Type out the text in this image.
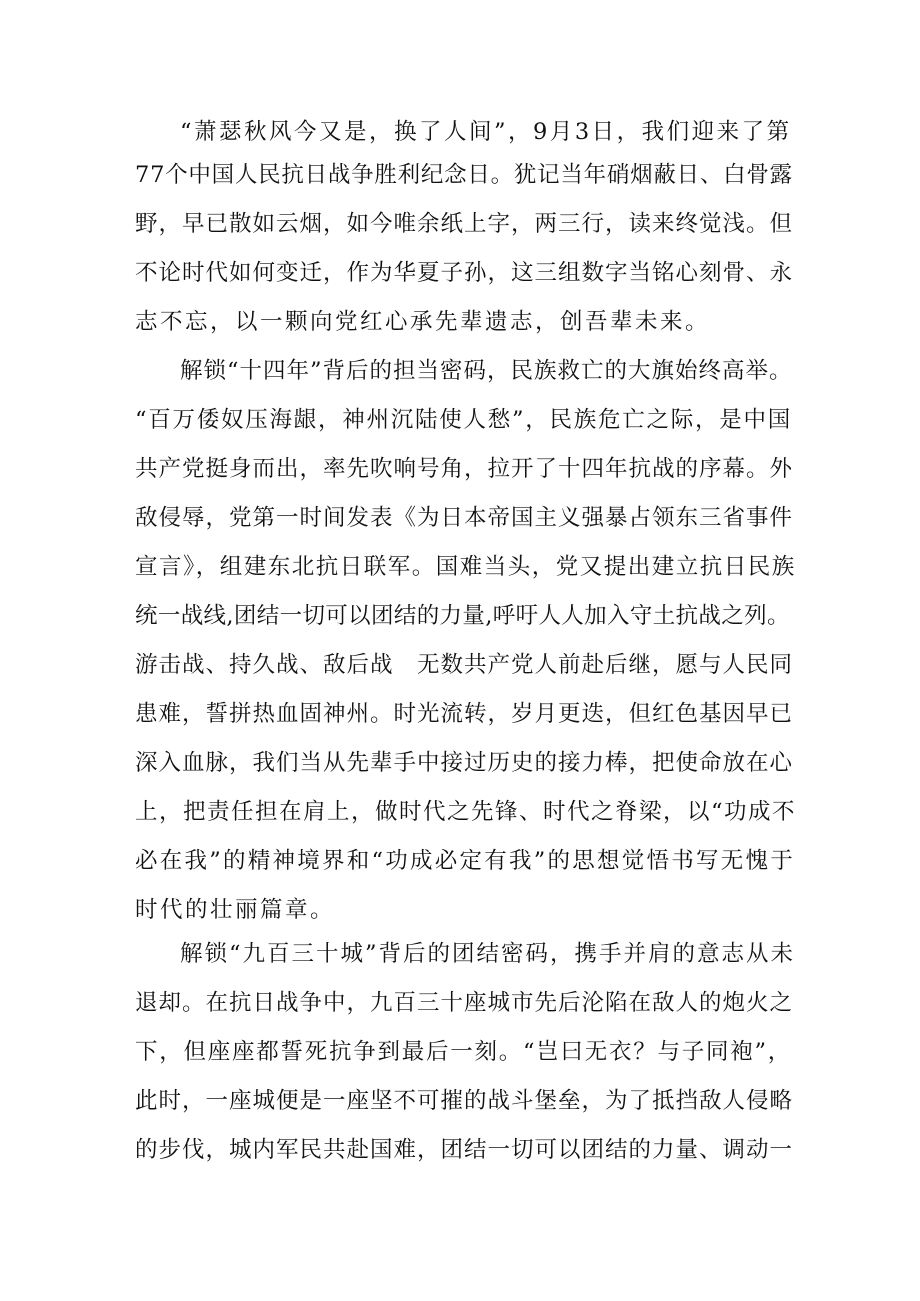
“萧瑟秋风今又是，换了人间”，9月3日，我们迎来了第
77个中国人民抗日战争胜利纪念日。犹记当年硝烟蔽日、白骨露
野，早已散如云烟，如今唯余纸上字，两三行，读来终觉浅。但
不论时代如何变迁，作为华夏子孙，这三组数字当铭心刻骨、永
志不忘，以一颗向党红心承先辈遗志，创吾辈未来。
解锁“十四年”背后的担当密码，民族救亡的大旗始终高举。
“百万倭奴压海龈，神州沉陆使人愁”，民族危亡之际，是中国
共产党挺身而出，率先吹响号角，拉开了十四年抗战的序幕。外
敌侵辱，党第一时间发表《为日本帝国主义强暴占领东三省事件
宣言》，组建东北抗日联军。国难当头，党又提出建立抗日民族
统一战线,团结一切可以团结的力量,呼吁人人加入守土抗战之列。
游击战、持久战、敌后战　无数共产党人前赴后继，愿与人民同
患难，誓拼热血固神州。时光流转，岁月更迭，但红色基因早已
深入血脉，我们当从先辈手中接过历史的接力棒，把使命放在心
上，把责任担在肩上，做时代之先锋、时代之脊梁，以“功成不
必在我”的精神境界和“功成必定有我”的思想觉悟书写无愧于
时代的壮丽篇章。
解锁“九百三十城”背后的团结密码，携手并肩的意志从未
退却。在抗日战争中，九百三十座城市先后沦陷在敌人的炮火之
下，但座座都誓死抗争到最后一刻。“岂曰无衣？与子同袍”，
此时，一座城便是一座坚不可摧的战斗堡垒，为了抵挡敌人侵略
的步伐，城内军民共赴国难，团结一切可以团结的力量、调动一
